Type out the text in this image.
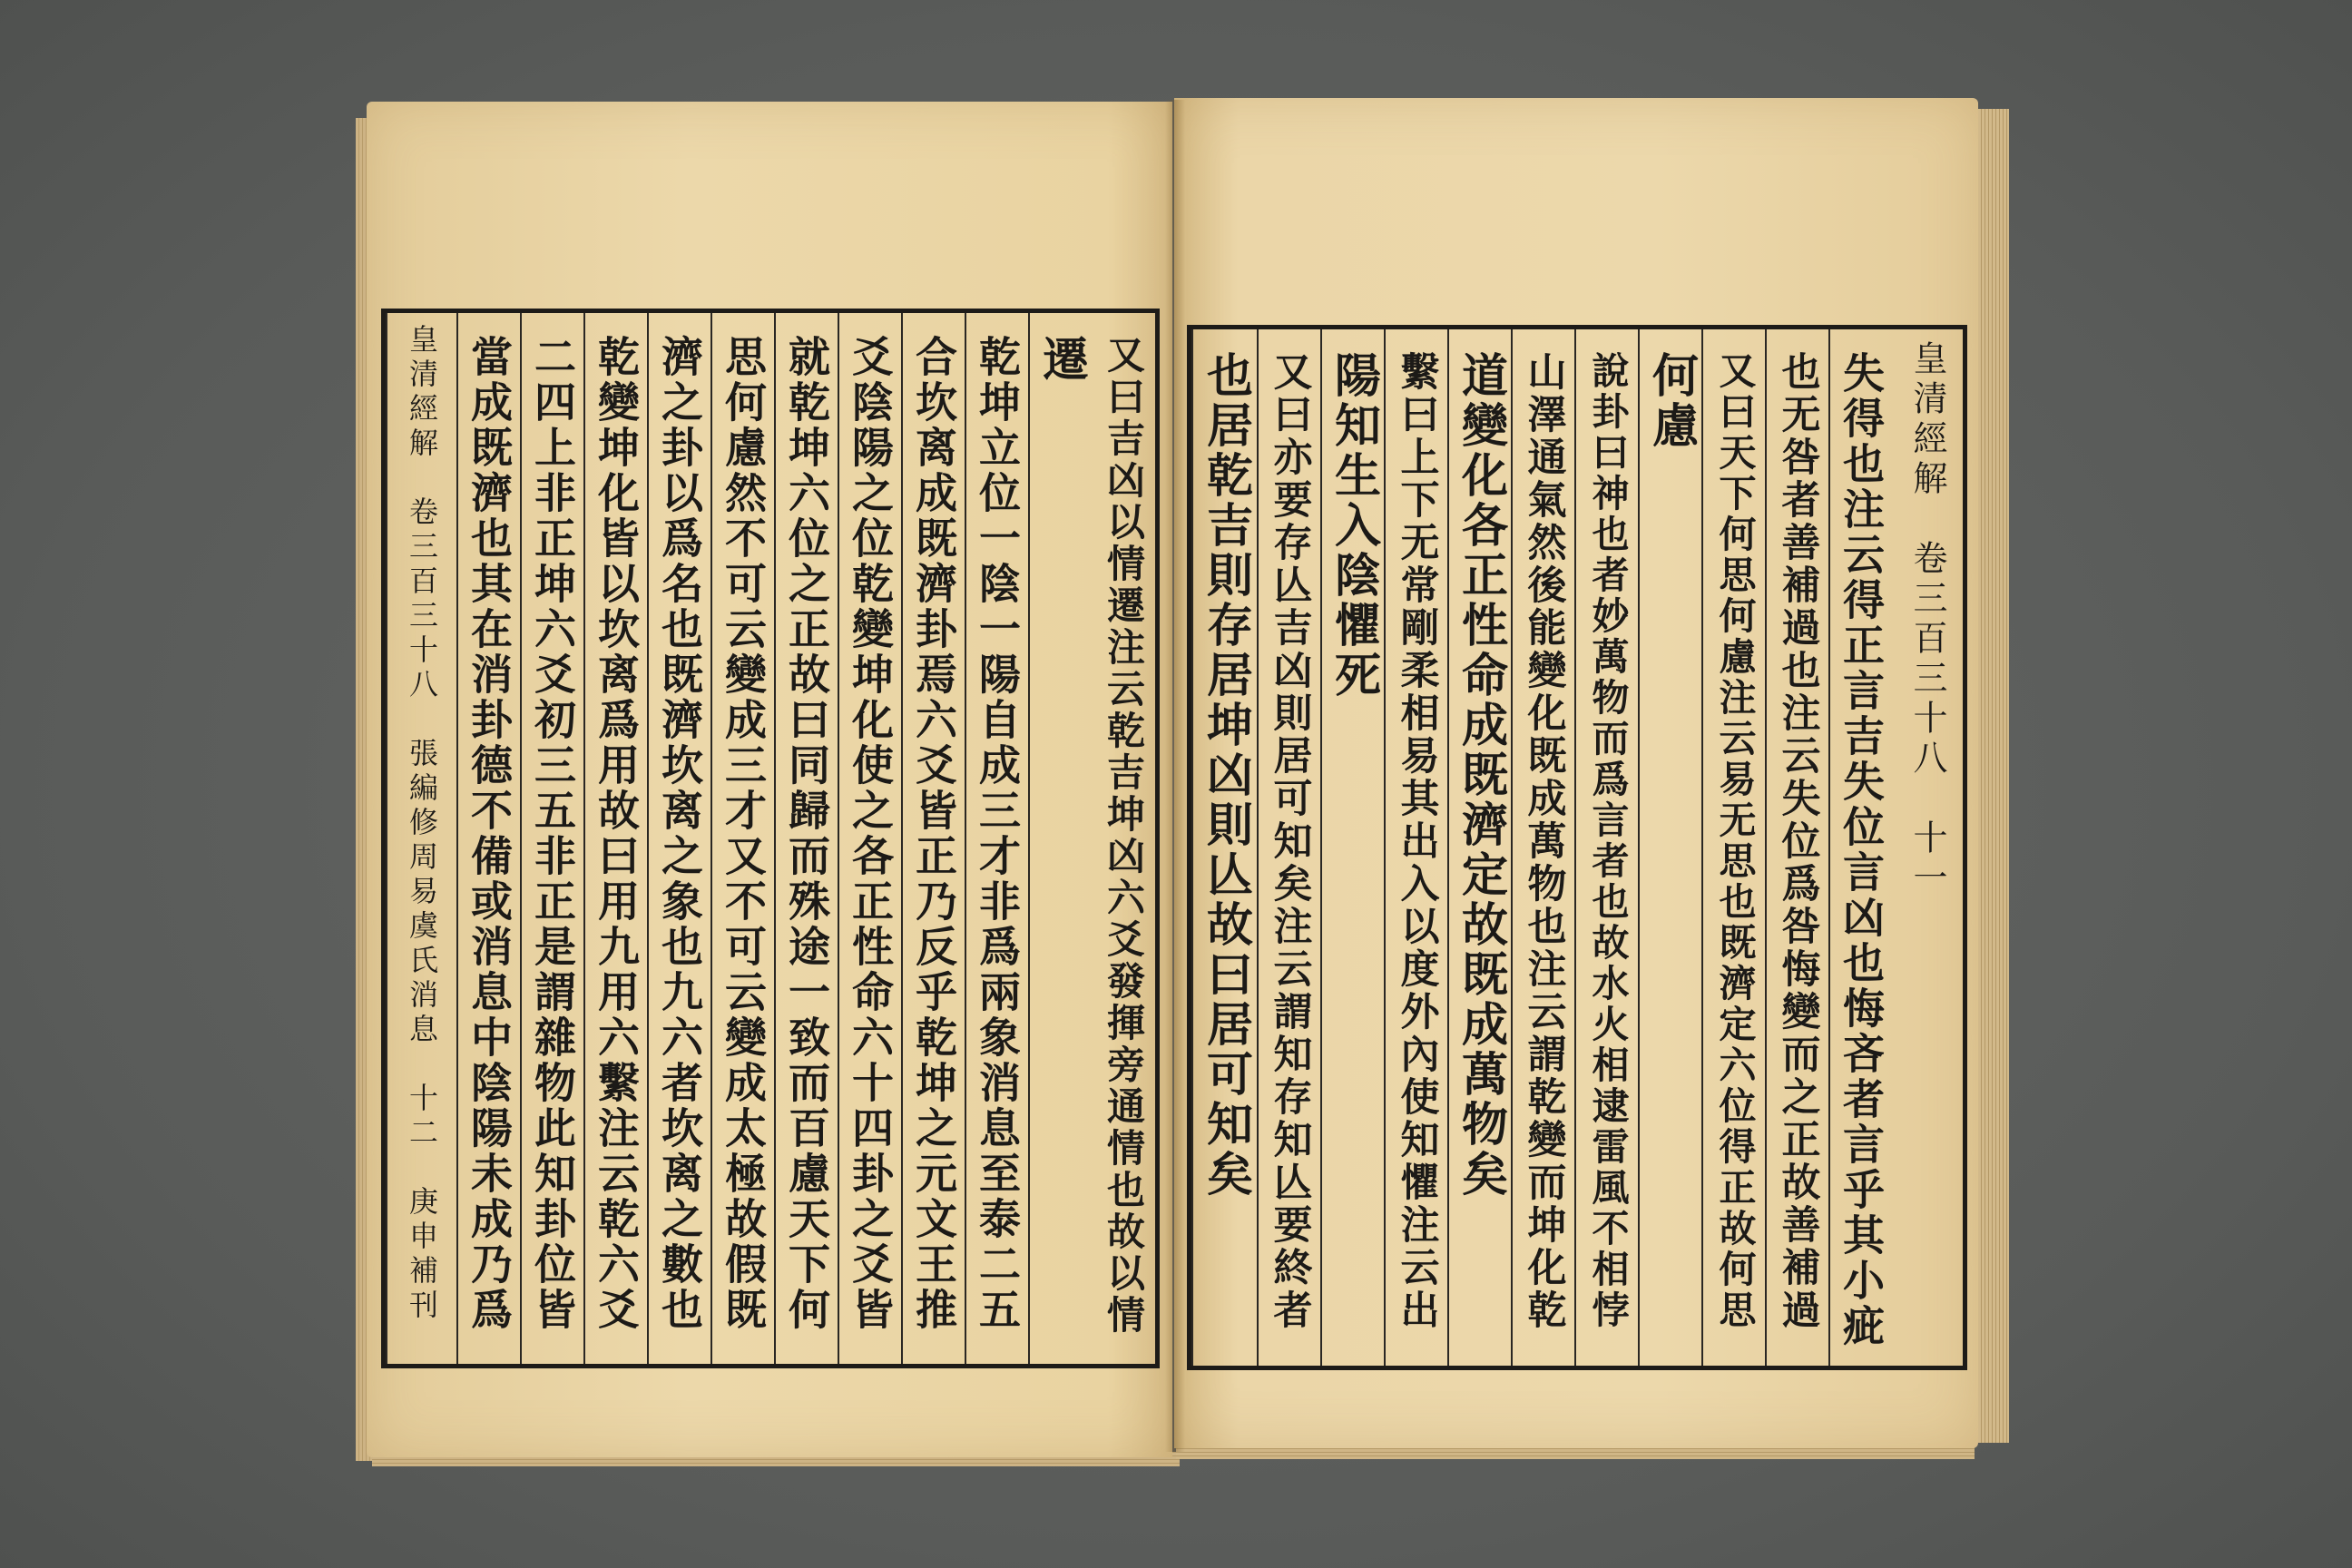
又曰吉凶以情遷注云乾吉坤凶六爻發揮旁通情也故以情
遷
乾坤立位一陰一陽自成三才非爲兩象消息至泰二五
合坎离成既濟卦焉六爻皆正乃反乎乾坤之元文王推
爻陰陽之位乾變坤化使之各正性命六十四卦之爻皆
就乾坤六位之正故曰同歸而殊途一致而百慮天下何
思何慮然不可云變成三才又不可云變成太極故假既
濟之卦以爲名也既濟坎离之象也九六者坎离之數也
乾變坤化皆以坎离爲用故曰用九用六繫注云乾六爻
二四上非正坤六爻初三五非正是謂雜物此知卦位皆
當成既濟也其在消卦德不備或消息中陰陽未成乃爲
皇清經解　卷三百三十八　張編修周易虞氏消息　十二　庚申補刊
皇清經解　卷三百三十八　十一
失得也注云得正言吉失位言凶也悔吝者言乎其小疵
也无咎者善補過也注云失位爲咎悔變而之正故善補過
又曰天下何思何慮注云易无思也既濟定六位得正故何思
何慮
說卦曰神也者妙萬物而爲言者也故水火相逮雷風不相悖
山澤通氣然後能變化既成萬物也注云謂乾變而坤化乾
道變化各正性命成既濟定故既成萬物矣
繫曰上下无常剛柔相易其出入以度外內使知懼注云出
陽知生入陰懼死
又曰亦要存亾吉凶則居可知矣注云謂知存知亾要終者
也居乾吉則存居坤凶則亾故曰居可知矣
